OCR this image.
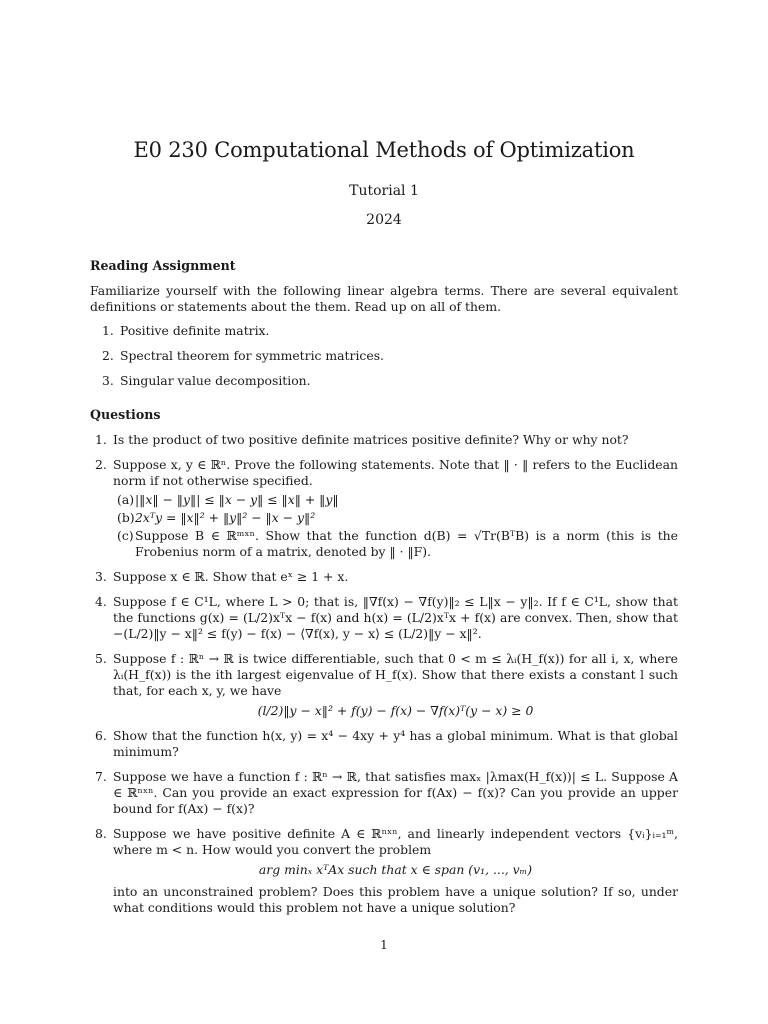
E0 230 Computational Methods of Optimization
Tutorial 1
2024
Reading Assignment

Familiarize yourself with the following linear algebra terms. There are several equivalent definitions or statements about the them. Read up on all of them.

1. Positive definite matrix.
2. Spectral theorem for symmetric matrices.
3. Singular value decomposition.
Questions
1. Is the product of two positive definite matrices positive definite? Why or why not?
2. Suppose x, y ∈ ℝⁿ. Prove the following statements. Note that ‖ · ‖ refers to the Euclidean norm if not otherwise specified.
(a) |‖x‖ − ‖y‖| ≤ ‖x − y‖ ≤ ‖x‖ + ‖y‖
(b) 2xᵀy = ‖x‖² + ‖y‖² − ‖x − y‖²
(c) Suppose B ∈ ℝᵐˣⁿ. Show that the function d(B) = √Tr(BᵀB) is a norm (this is the Frobenius norm of a matrix, denoted by ‖ · ‖F).
3. Suppose x ∈ ℝ. Show that eˣ ≥ 1 + x.
4. Suppose f ∈ C¹L, where L > 0; that is, ‖∇f(x) − ∇f(y)‖₂ ≤ L‖x − y‖₂. If f ∈ C¹L, show that the functions g(x) = (L/2)xᵀx − f(x) and h(x) = (L/2)xᵀx + f(x) are convex. Then, show that −(L/2)‖y − x‖² ≤ f(y) − f(x) − ⟨∇f(x), y − x⟩ ≤ (L/2)‖y − x‖².
5. Suppose f : ℝⁿ → ℝ is twice differentiable, such that 0 < m ≤ λᵢ(H_f(x)) for all i, x, where λᵢ(H_f(x)) is the ith largest eigenvalue of H_f(x). Show that there exists a constant l such that, for each x, y, we have
(l/2)‖y − x‖² + f(y) − f(x) − ∇f(x)ᵀ(y − x) ≥ 0
6. Show that the function h(x, y) = x⁴ − 4xy + y⁴ has a global minimum. What is that global minimum?
7. Suppose we have a function f : ℝⁿ → ℝ, that satisfies maxₓ |λmax(H_f(x))| ≤ L. Suppose A ∈ ℝⁿˣⁿ. Can you provide an exact expression for f(Ax) − f(x)? Can you provide an upper bound for f(Ax) − f(x)?
8. Suppose we have positive definite A ∈ ℝⁿˣⁿ, and linearly independent vectors {vᵢ}ᵢ₌₁ᵐ, where m < n. How would you convert the problem
arg minₓ xᵀAx such that x ∈ span (v₁, ..., vₘ)
into an unconstrained problem? Does this problem have a unique solution? If so, under what conditions would this problem not have a unique solution?
1
